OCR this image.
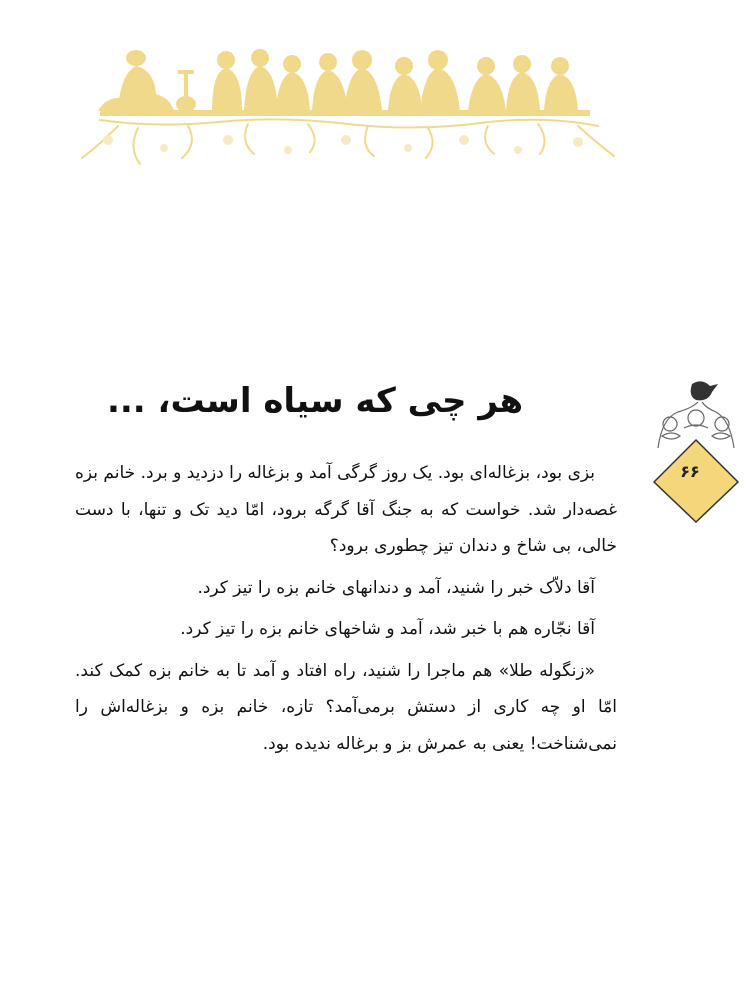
هر چی که سیاه است، ...
۶۶

بزی بود، بزغاله‌ای بود. یک روز گرگی آمد و بزغاله را دزدید و برد. خانم بزه غصه‌دار شد. خواست که به جنگ آقا گرگه برود، امّا دید تک و تنها، با دست خالی، بی شاخ و دندان تیز چطوری برود؟

آقا دلاّک خبر را شنید، آمد و دندانهای خانم بزه را تیز کرد.

آقا نجّاره هم با خبر شد، آمد و شاخهای خانم بزه را تیز کرد.

«زنگوله طلا» هم ماجرا را شنید، راه افتاد و آمد تا به خانم بزه کمک کند. امّا او چه کاری از دستش برمی‌آمد؟ تازه، خانم بزه و بزغاله‌اش را نمی‌شناخت! یعنی به عمرش بز و برغاله ندیده بود.
